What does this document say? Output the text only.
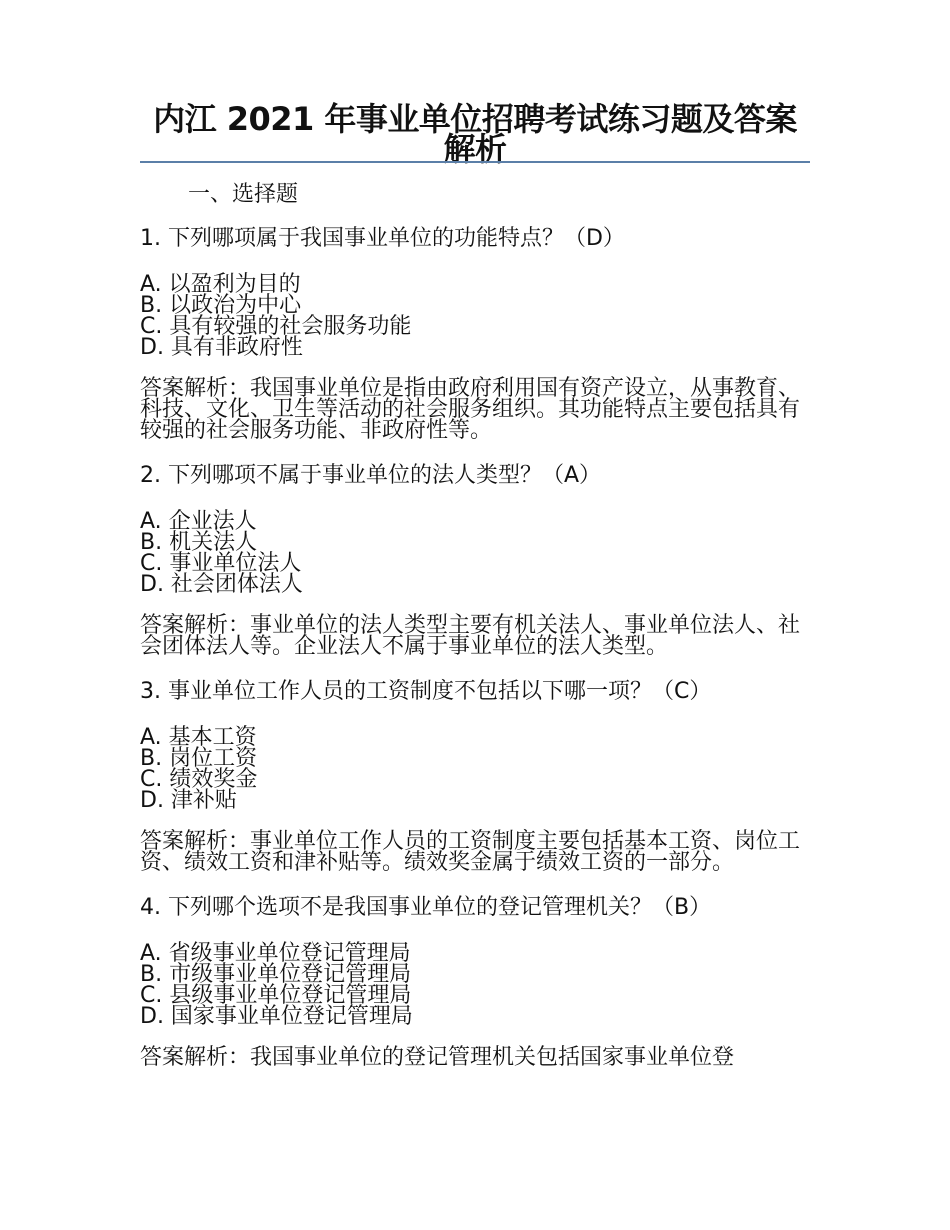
内江 2021 年事业单位招聘考试练习题及答案解析
一、选择题
1. 下列哪项属于我国事业单位的功能特点？（D）
A. 以盈利为目的
B. 以政治为中心
C. 具有较强的社会服务功能
D. 具有非政府性
答案解析：我国事业单位是指由政府利用国有资产设立，从事教育、科技、文化、卫生等活动的社会服务组织。其功能特点主要包括具有较强的社会服务功能、非政府性等。
2. 下列哪项不属于事业单位的法人类型？（A）
A. 企业法人
B. 机关法人
C. 事业单位法人
D. 社会团体法人
答案解析：事业单位的法人类型主要有机关法人、事业单位法人、社会团体法人等。企业法人不属于事业单位的法人类型。
3. 事业单位工作人员的工资制度不包括以下哪一项？（C）
A. 基本工资
B. 岗位工资
C. 绩效奖金
D. 津补贴
答案解析：事业单位工作人员的工资制度主要包括基本工资、岗位工资、绩效工资和津补贴等。绩效奖金属于绩效工资的一部分。
4. 下列哪个选项不是我国事业单位的登记管理机关？（B）
A. 省级事业单位登记管理局
B. 市级事业单位登记管理局
C. 县级事业单位登记管理局
D. 国家事业单位登记管理局
答案解析：我国事业单位的登记管理机关包括国家事业单位登
